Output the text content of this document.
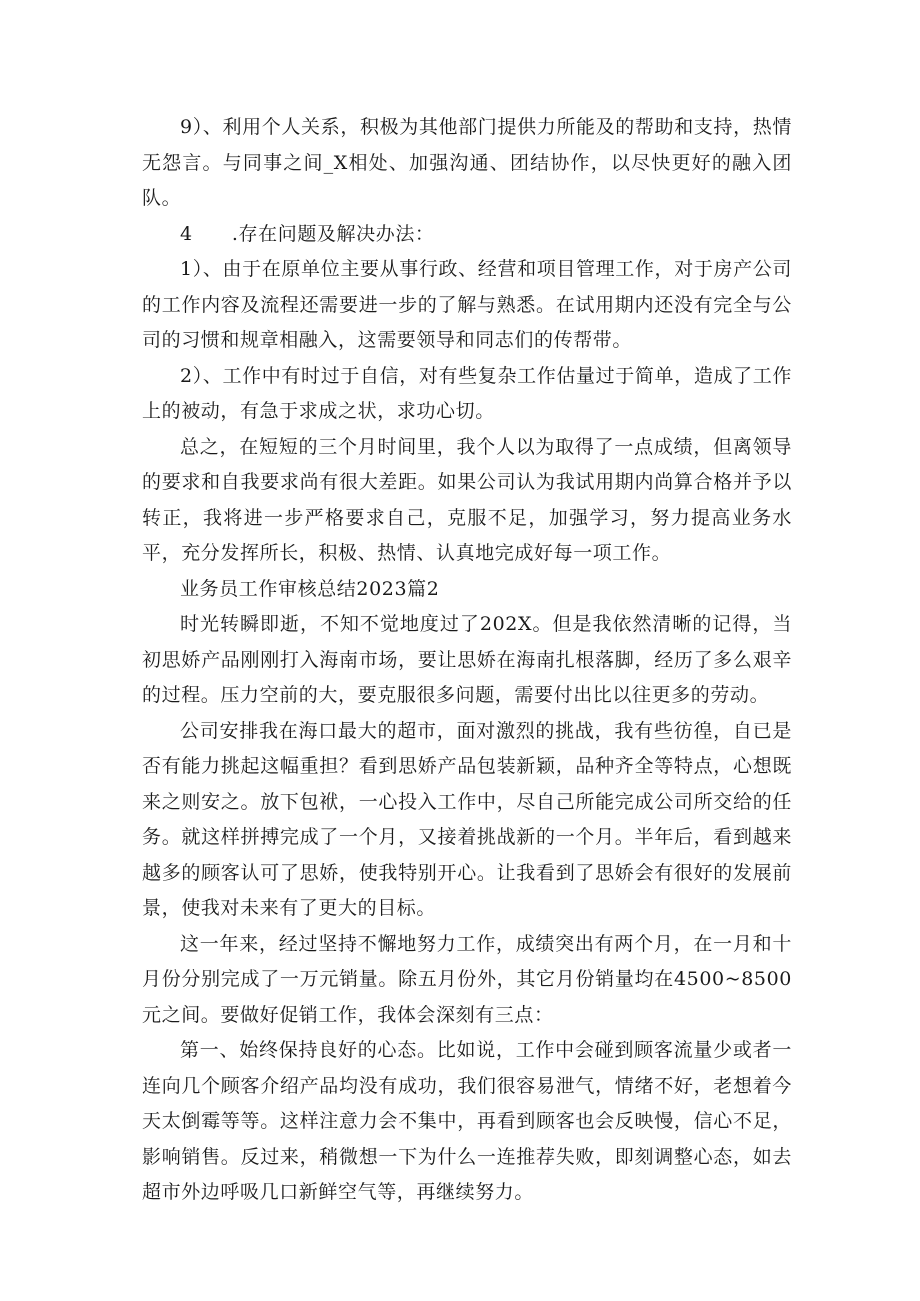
9）、利用个人关系，积极为其他部门提供力所能及的帮助和支持，热情无怨言。与同事之间_X相处、加强沟通、团结协作，以尽快更好的融入团队。

4　　.存在问题及解决办法：

1）、由于在原单位主要从事行政、经营和项目管理工作，对于房产公司的工作内容及流程还需要进一步的了解与熟悉。在试用期内还没有完全与公司的习惯和规章相融入，这需要领导和同志们的传帮带。

2）、工作中有时过于自信，对有些复杂工作估量过于简单，造成了工作上的被动，有急于求成之状，求功心切。

总之，在短短的三个月时间里，我个人以为取得了一点成绩，但离领导的要求和自我要求尚有很大差距。如果公司认为我试用期内尚算合格并予以转正，我将进一步严格要求自己，克服不足，加强学习，努力提高业务水平，充分发挥所长，积极、热情、认真地完成好每一项工作。

业务员工作审核总结2023篇2

时光转瞬即逝，不知不觉地度过了202X。但是我依然清晰的记得，当初思娇产品刚刚打入海南市场，要让思娇在海南扎根落脚，经历了多么艰辛的过程。压力空前的大，要克服很多问题，需要付出比以往更多的劳动。

公司安排我在海口最大的超市，面对激烈的挑战，我有些彷徨，自已是否有能力挑起这幅重担？看到思娇产品包装新颖，品种齐全等特点，心想既来之则安之。放下包袱，一心投入工作中，尽自己所能完成公司所交给的任务。就这样拼搏完成了一个月，又接着挑战新的一个月。半年后，看到越来越多的顾客认可了思娇，使我特别开心。让我看到了思娇会有很好的发展前景，使我对未来有了更大的目标。

这一年来，经过坚持不懈地努力工作，成绩突出有两个月，在一月和十月份分别完成了一万元销量。除五月份外，其它月份销量均在4500~8500元之间。要做好促销工作，我体会深刻有三点：

第一、始终保持良好的心态。比如说，工作中会碰到顾客流量少或者一连向几个顾客介绍产品均没有成功，我们很容易泄气，情绪不好，老想着今天太倒霉等等。这样注意力会不集中，再看到顾客也会反映慢，信心不足，影响销售。反过来，稍微想一下为什么一连推荐失败，即刻调整心态，如去超市外边呼吸几口新鲜空气等，再继续努力。
